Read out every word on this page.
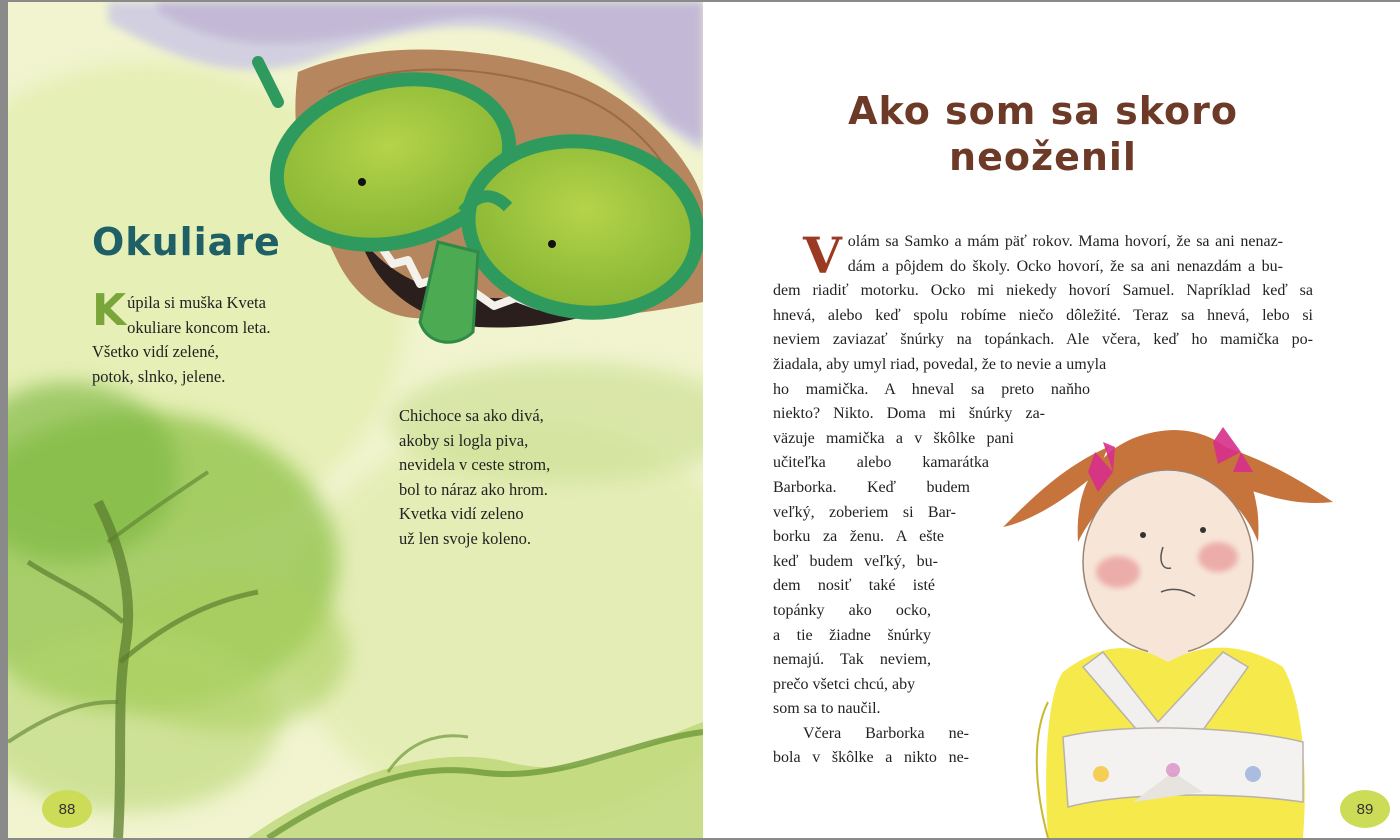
Okuliare
K úpila si muška Kveta
okuliare koncom leta.
Všetko vidí zelené,
potok, slnko, jelene.
Chichoce sa ako divá,
akoby si logla piva,
nevidela v ceste strom,
bol to náraz ako hrom.
Kvetka vidí zeleno
už len svoje koleno.
88
Ako som sa skoro
neoženil
V olám sa Samko a mám päť rokov. Mama hovorí, že sa ani nenaz-
dám a pôjdem do školy. Ocko hovorí, že sa ani nenazdám a bu-
dem riadiť motorku. Ocko mi niekedy hovorí Samuel. Napríklad keď sa
hnevá, alebo keď spolu robíme niečo dôležité. Teraz sa hnevá, lebo si
neviem zaviazať šnúrky na topánkach. Ale včera, keď ho mamička po-
žiadala, aby umyl riad, povedal, že to nevie a umyla
ho mamička. A hneval sa preto naňho
niekto? Nikto. Doma mi šnúrky za-
väzuje mamička a v škôlke pani
učiteľka alebo kamarátka
Barborka. Keď budem
veľký, zoberiem si Bar-
borku za ženu. A ešte
keď budem veľký, bu-
dem nosiť také isté
topánky ako ocko,
a tie žiadne šnúrky
nemajú. Tak neviem,
prečo všetci chcú, aby
som sa to naučil.
Včera Barborka ne-
bola v škôlke a nikto ne-
89
